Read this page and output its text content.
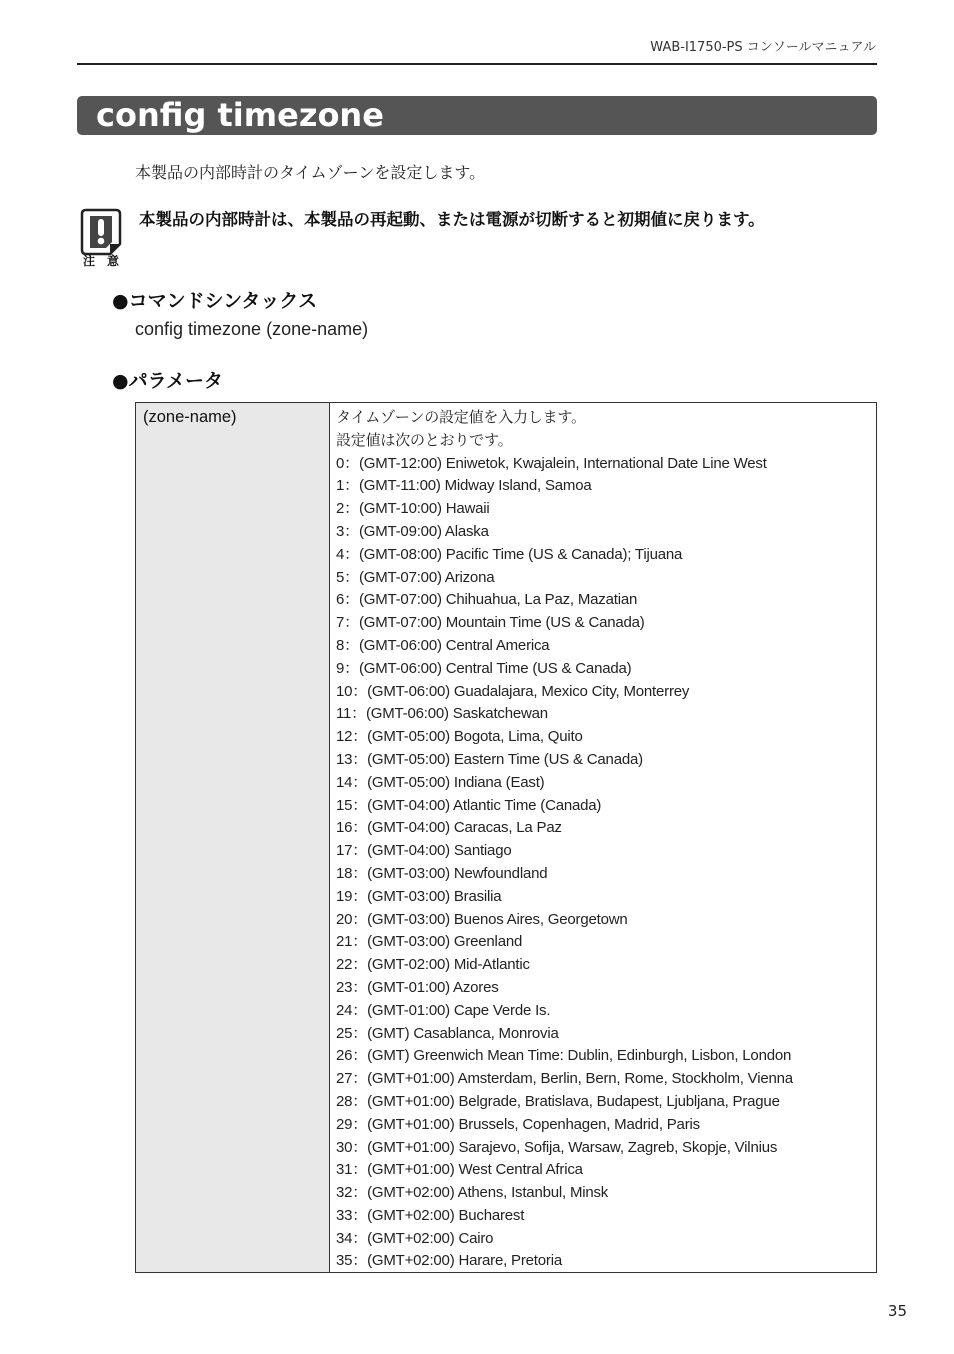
WAB-I1750-PS コンソールマニュアル
config timezone
本製品の内部時計のタイムゾーンを設定します。
注　意
本製品の内部時計は、本製品の再起動、または電源が切断すると初期値に戻ります。
●コマンドシンタックス
config timezone (zone-name)
●パラメータ
(zone-name)	タイムゾーンの設定値を入力します。
設定値は次のとおりです。
0：(GMT-12:00) Eniwetok, Kwajalein, International Date Line West
1：(GMT-11:00) Midway Island, Samoa
2：(GMT-10:00) Hawaii
3：(GMT-09:00) Alaska
4：(GMT-08:00) Pacific Time (US & Canada); Tijuana
5：(GMT-07:00) Arizona
6：(GMT-07:00) Chihuahua, La Paz, Mazatian
7：(GMT-07:00) Mountain Time (US & Canada)
8：(GMT-06:00) Central America
9：(GMT-06:00) Central Time (US & Canada)
10：(GMT-06:00) Guadalajara, Mexico City, Monterrey
11：(GMT-06:00) Saskatchewan
12：(GMT-05:00) Bogota, Lima, Quito
13：(GMT-05:00) Eastern Time (US & Canada)
14：(GMT-05:00) Indiana (East)
15：(GMT-04:00) Atlantic Time (Canada)
16：(GMT-04:00) Caracas, La Paz
17：(GMT-04:00) Santiago
18：(GMT-03:00) Newfoundland
19：(GMT-03:00) Brasilia
20：(GMT-03:00) Buenos Aires, Georgetown
21：(GMT-03:00) Greenland
22：(GMT-02:00) Mid-Atlantic
23：(GMT-01:00) Azores
24：(GMT-01:00) Cape Verde Is.
25：(GMT) Casablanca, Monrovia
26：(GMT) Greenwich Mean Time: Dublin, Edinburgh, Lisbon, London
27：(GMT+01:00) Amsterdam, Berlin, Bern, Rome, Stockholm, Vienna
28：(GMT+01:00) Belgrade, Bratislava, Budapest, Ljubljana, Prague
29：(GMT+01:00) Brussels, Copenhagen, Madrid, Paris
30：(GMT+01:00) Sarajevo, Sofija, Warsaw, Zagreb, Skopje, Vilnius
31：(GMT+01:00) West Central Africa
32：(GMT+02:00) Athens, Istanbul, Minsk
33：(GMT+02:00) Bucharest
34：(GMT+02:00) Cairo
35：(GMT+02:00) Harare, Pretoria
35
